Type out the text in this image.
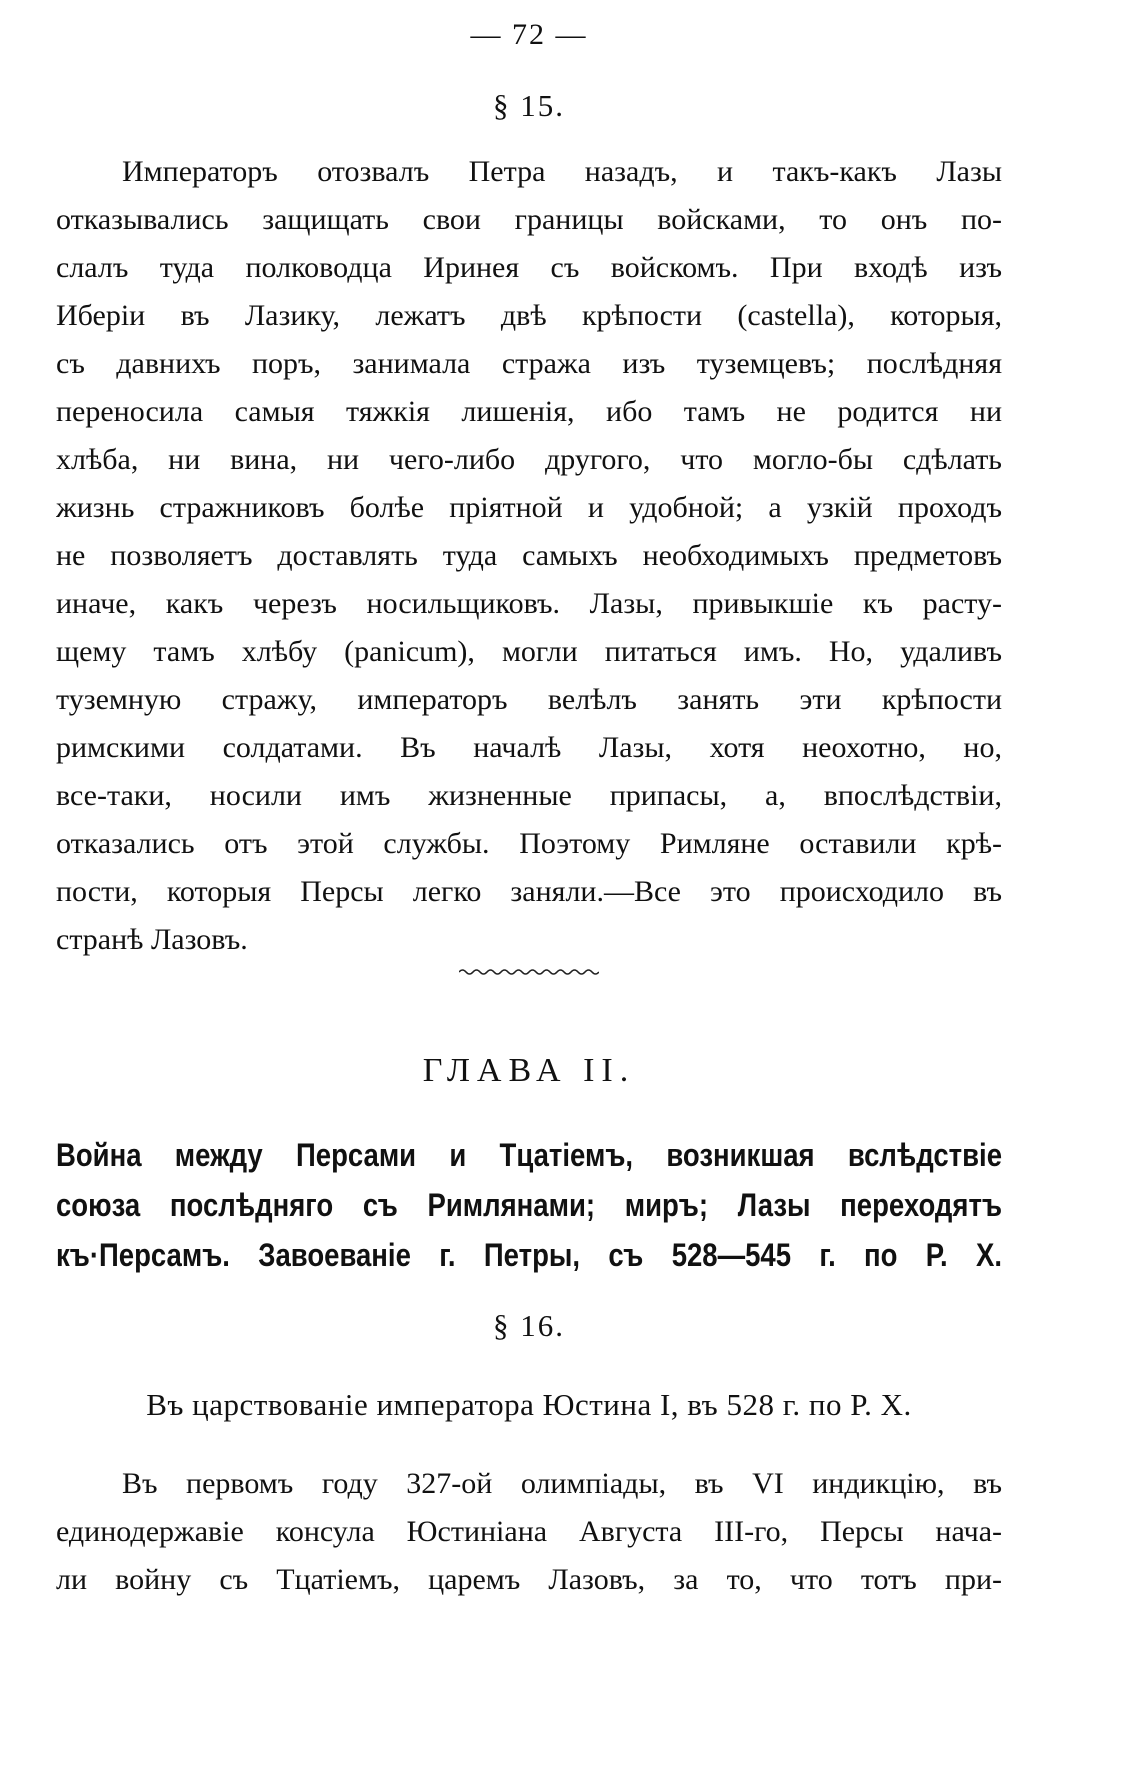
— 72 —
§ 15.
Императоръ отозвалъ Петра назадъ, и такъ-какъ Лазы
отказывались защищать свои границы войсками, то онъ по-
слалъ туда полководца Иринея съ войскомъ. При входѣ изъ
Иберіи въ Лазику, лежатъ двѣ крѣпости (castella), которыя,
съ давнихъ поръ, занимала стража изъ туземцевъ; послѣдняя
переносила самыя тяжкія лишенія, ибо тамъ не родится ни
хлѣба, ни вина, ни чего-либо другого, что могло-бы сдѣлать
жизнь стражниковъ болѣе пріятной и удобной; а узкій проходъ
не позволяетъ доставлять туда самыхъ необходимыхъ предметовъ
иначе, какъ черезъ носильщиковъ. Лазы, привыкшіе къ расту-
щему тамъ хлѣбу (panicum), могли питаться имъ. Но, удаливъ
туземную стражу, императоръ велѣлъ занять эти крѣпости
римскими солдатами. Въ началѣ Лазы, хотя неохотно, но,
все-таки, носили имъ жизненные припасы, а, впослѣдствіи,
отказались отъ этой службы. Поэтому Римляне оставили крѣ-
пости, которыя Персы легко заняли.—Все это происходило въ
странѣ Лазовъ.
ГЛАВА II.
Война между Персами и Тцатіемъ, возникшая вслѣдствіе
союза послѣдняго съ Римлянами; миръ; Лазы переходятъ
къ·Персамъ. Завоеваніе г. Петры, съ 528—545 г. по Р. Х.
§ 16.
Въ царствованіе императора Юстина I, въ 528 г. по Р. Х.
Въ первомъ году 327-ой олимпіады, въ VI индикцію, въ
единодержавіе консула Юстиніана Августа III-го, Персы нача-
ли войну съ Тцатіемъ, царемъ Лазовъ, за то, что тотъ при-
